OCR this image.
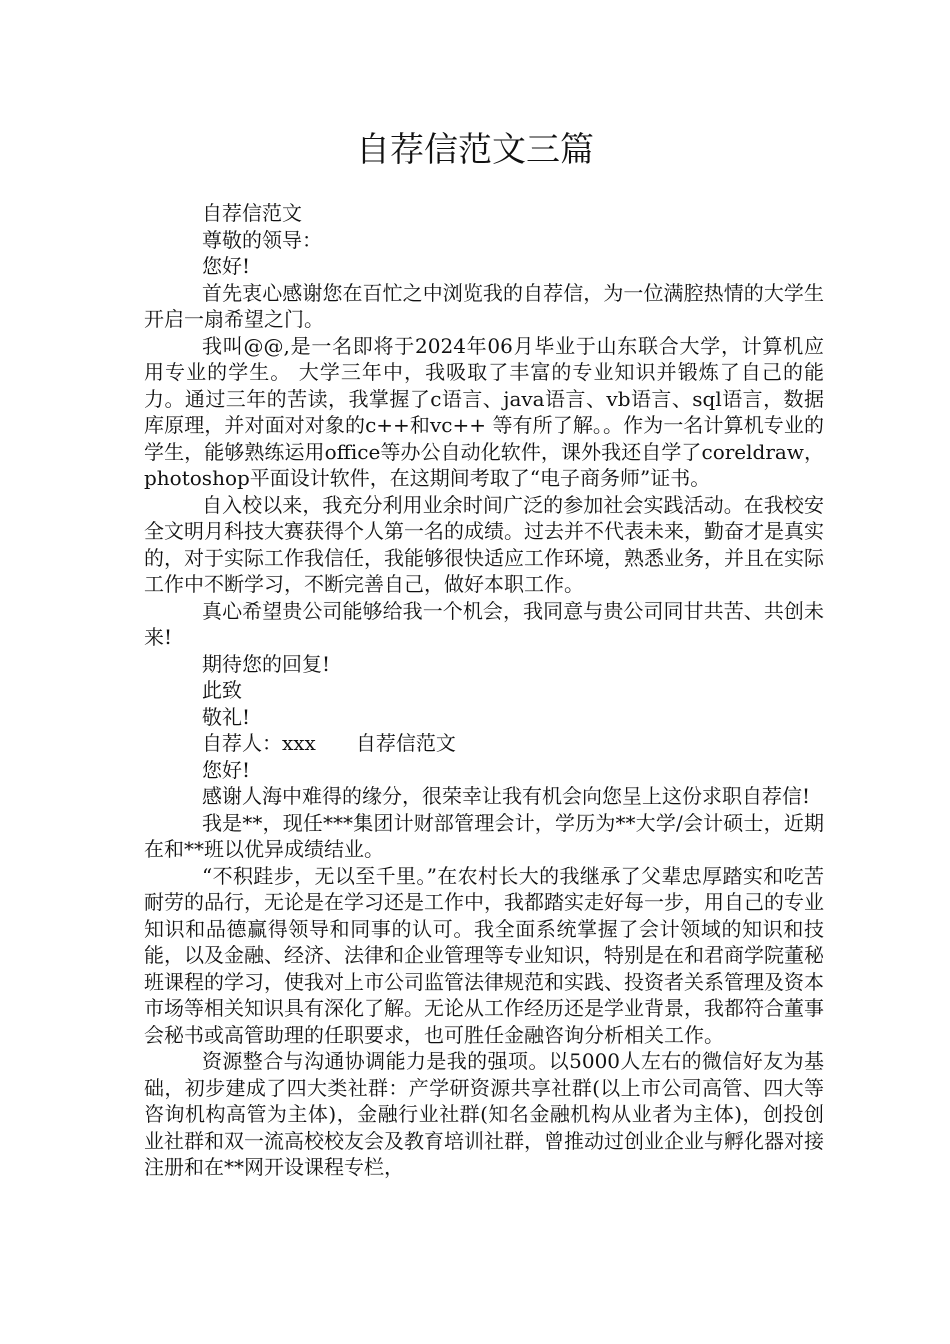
自荐信范文三篇

自荐信范文

尊敬的领导：

您好!

首先衷心感谢您在百忙之中浏览我的自荐信，为一位满腔热情的大学生开启一扇希望之门。

我叫@@,是一名即将于2024年06月毕业于山东联合大学，计算机应用专业的学生。 大学三年中，我吸取了丰富的专业知识并锻炼了自己的能力。通过三年的苦读，我掌握了c语言、java语言、vb语言、sql语言，数据库原理，并对面对对象的c++和vc++ 等有所了解。。作为一名计算机专业的学生，能够熟练运用office等办公自动化软件，课外我还自学了coreldraw，photoshop平面设计软件，在这期间考取了“电子商务师”证书。

自入校以来，我充分利用业余时间广泛的参加社会实践活动。在我校安全文明月科技大赛获得个人第一名的成绩。过去并不代表未来，勤奋才是真实的，对于实际工作我信任，我能够很快适应工作环境，熟悉业务，并且在实际工作中不断学习，不断完善自己，做好本职工作。

真心希望贵公司能够给我一个机会，我同意与贵公司同甘共苦、共创未来!

期待您的回复!

此致

敬礼!

自荐人：xxx 自荐信范文

您好!

感谢人海中难得的缘分，很荣幸让我有机会向您呈上这份求职自荐信!

我是**，现任***集团计财部管理会计，学历为**大学/会计硕士，近期在和**班以优异成绩结业。

“不积跬步，无以至千里。”在农村长大的我继承了父辈忠厚踏实和吃苦耐劳的品行，无论是在学习还是工作中，我都踏实走好每一步，用自己的专业知识和品德赢得领导和同事的认可。我全面系统掌握了会计领域的知识和技能，以及金融、经济、法律和企业管理等专业知识，特别是在和君商学院董秘班课程的学习，使我对上市公司监管法律规范和实践、投资者关系管理及资本市场等相关知识具有深化了解。无论从工作经历还是学业背景，我都符合董事会秘书或高管助理的任职要求，也可胜任金融咨询分析相关工作。

资源整合与沟通协调能力是我的强项。以5000人左右的微信好友为基础，初步建成了四大类社群：产学研资源共享社群(以上市公司高管、四大等咨询机构高管为主体)，金融行业社群(知名金融机构从业者为主体)，创投创业社群和双一流高校校友会及教育培训社群，曾推动过创业企业与孵化器对接注册和在**网开设课程专栏，
